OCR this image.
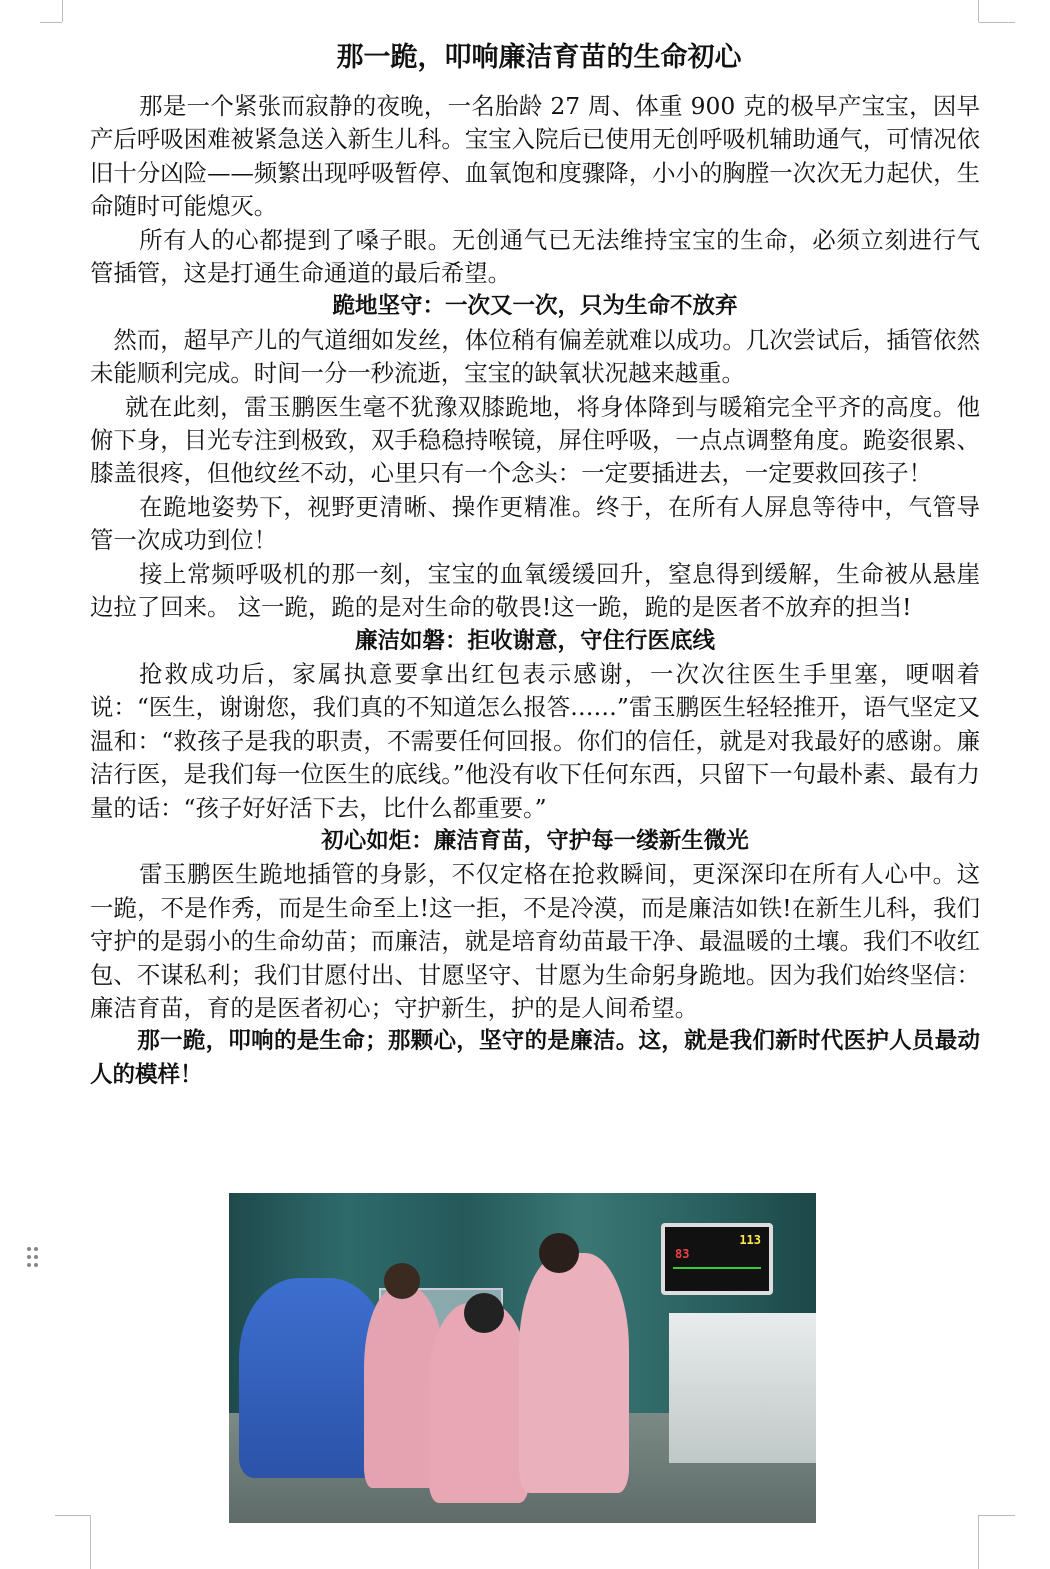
那一跪，叩响廉洁育苗的生命初心

那是一个紧张而寂静的夜晚，一名胎龄 27 周、体重 900 克的极早产宝宝，因早产后呼吸困难被紧急送入新生儿科。宝宝入院后已使用无创呼吸机辅助通气，可情况依旧十分凶险——频繁出现呼吸暂停、血氧饱和度骤降，小小的胸膛一次次无力起伏，生命随时可能熄灭。

所有人的心都提到了嗓子眼。无创通气已无法维持宝宝的生命，必须立刻进行气管插管，这是打通生命通道的最后希望。

跪地坚守：一次又一次，只为生命不放弃

然而，超早产儿的气道细如发丝，体位稍有偏差就难以成功。几次尝试后，插管依然未能顺利完成。时间一分一秒流逝，宝宝的缺氧状况越来越重。

就在此刻，雷玉鹏医生毫不犹豫双膝跪地，将身体降到与暖箱完全平齐的高度。他俯下身，目光专注到极致，双手稳稳持喉镜，屏住呼吸，一点点调整角度。跪姿很累、膝盖很疼，但他纹丝不动，心里只有一个念头：一定要插进去，一定要救回孩子！

在跪地姿势下，视野更清晰、操作更精准。终于，在所有人屏息等待中，气管导管一次成功到位！

接上常频呼吸机的那一刻，宝宝的血氧缓缓回升，窒息得到缓解，生命被从悬崖边拉了回来。 这一跪，跪的是对生命的敬畏!这一跪，跪的是医者不放弃的担当!

廉洁如磐：拒收谢意，守住行医底线

抢救成功后，家属执意要拿出红包表示感谢，一次次往医生手里塞，哽咽着说：“医生，谢谢您，我们真的不知道怎么报答……”雷玉鹏医生轻轻推开，语气坚定又温和：“救孩子是我的职责，不需要任何回报。你们的信任，就是对我最好的感谢。廉洁行医，是我们每一位医生的底线。”他没有收下任何东西，只留下一句最朴素、最有力量的话：“孩子好好活下去，比什么都重要。”

初心如炬：廉洁育苗，守护每一缕新生微光

雷玉鹏医生跪地插管的身影，不仅定格在抢救瞬间，更深深印在所有人心中。这一跪，不是作秀，而是生命至上!这一拒，不是冷漠，而是廉洁如铁!在新生儿科，我们守护的是弱小的生命幼苗；而廉洁，就是培育幼苗最干净、最温暖的土壤。我们不收红包、不谋私利；我们甘愿付出、甘愿坚守、甘愿为生命躬身跪地。因为我们始终坚信：廉洁育苗，育的是医者初心；守护新生，护的是人间希望。

那一跪，叩响的是生命；那颗心，坚守的是廉洁。这，就是我们新时代医护人员最动人的模样！

113
83
